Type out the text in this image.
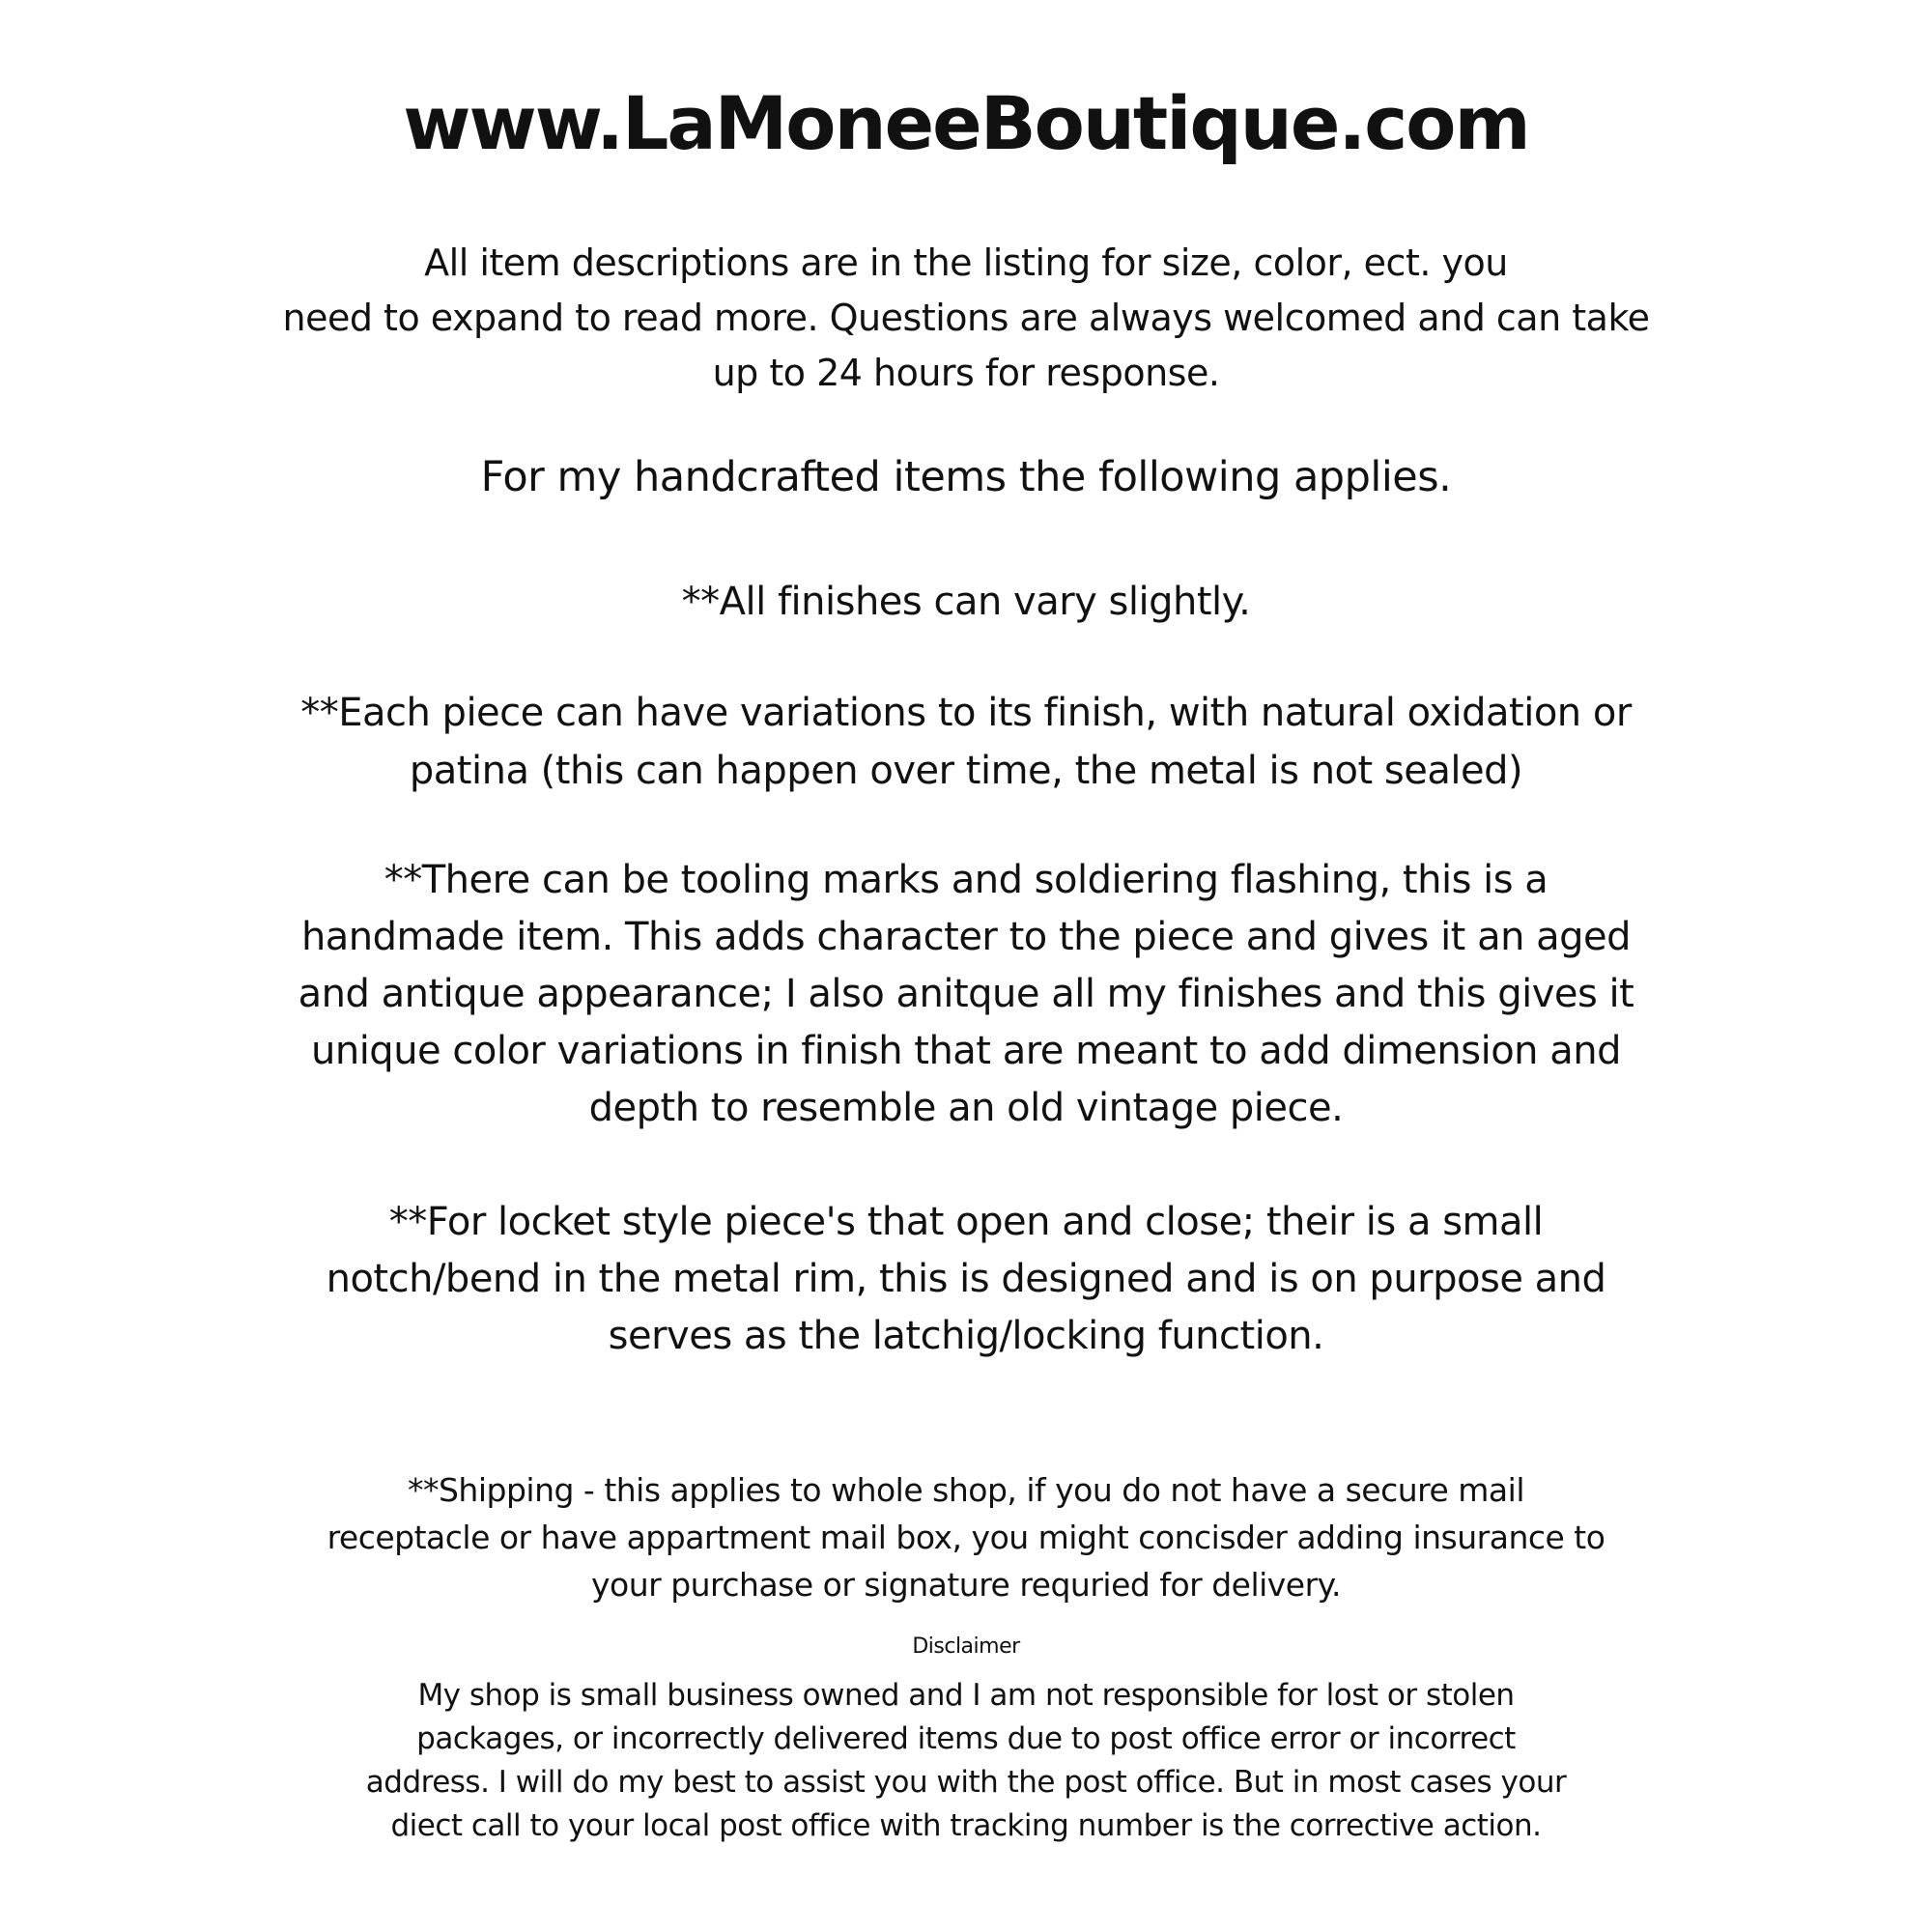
www.LaMoneeBoutique.com
All item descriptions are in the listing for size, color, ect. you
need to expand to read more. Questions are always welcomed and can take
up to 24 hours for response.
For my handcrafted items the following applies.
**All finishes can vary slightly.
**Each piece can have variations to its finish, with natural oxidation or
patina (this can happen over time, the metal is not sealed)
**There can be tooling marks and soldiering flashing, this is a
handmade item. This adds character to the piece and gives it an aged
and antique appearance; I also anitque all my finishes and this gives it
unique color variations in finish that are meant to add dimension and
depth to resemble an old vintage piece.
**For locket style piece's that open and close; their is a small
notch/bend in the metal rim, this is designed and is on purpose and
serves as the latchig/locking function.
**Shipping - this applies to whole shop, if you do not have a secure mail
receptacle or have appartment mail box, you might concisder adding insurance to
your purchase or signature requried for delivery.
Disclaimer
My shop is small business owned and I am not responsible for lost or stolen
packages, or incorrectly delivered items due to post office error or incorrect
address. I will do my best to assist you with the post office. But in most cases your
diect call to your local post office with tracking number is the corrective action.
